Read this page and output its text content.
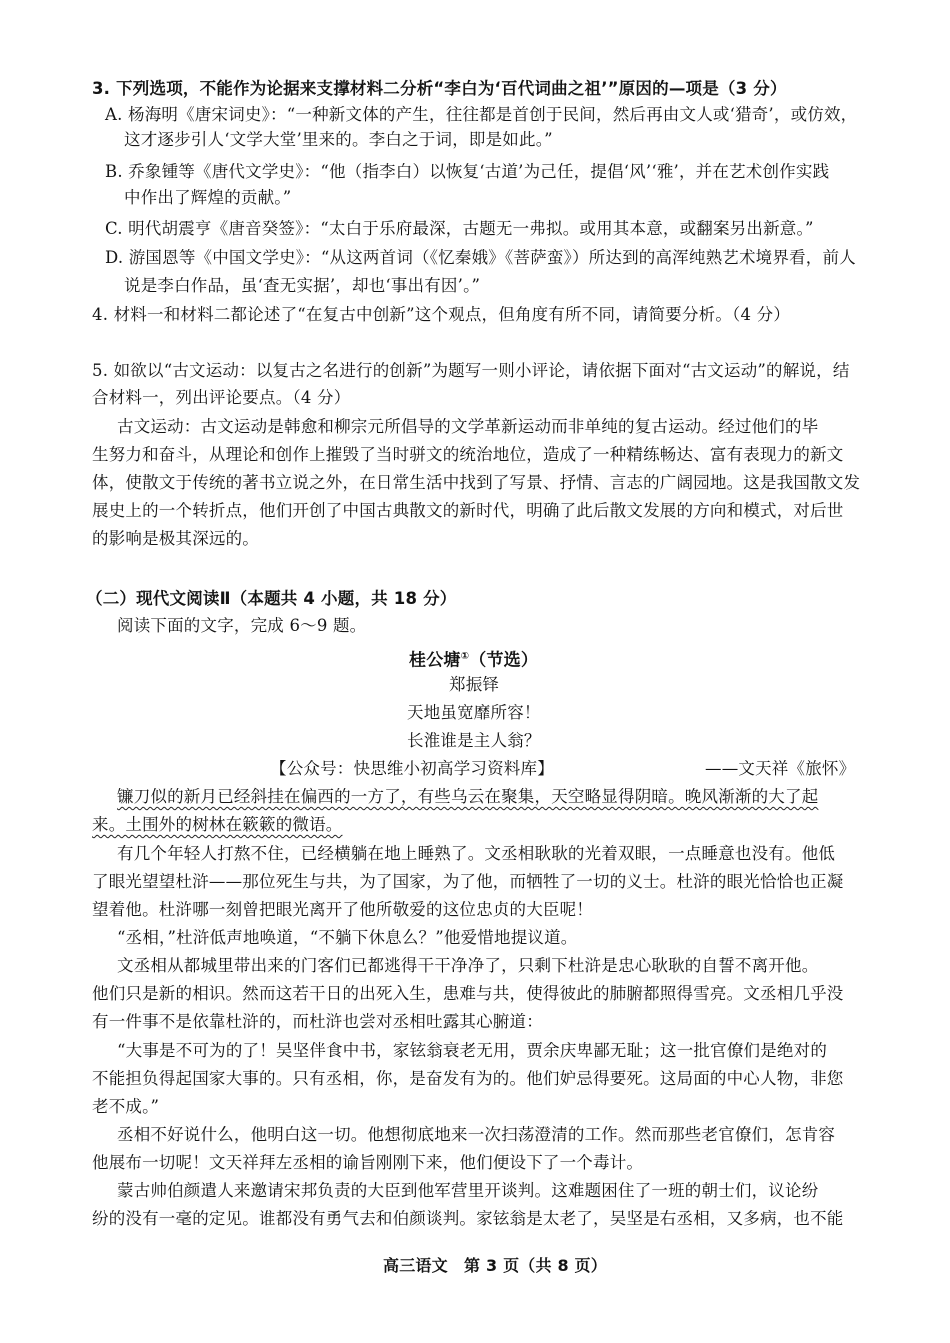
3. 下列选项，不能作为论据来支撑材料二分析“李白为‘百代词曲之祖’”原因的—项是（3 分）

A. 杨海明《唐宋词史》：“一种新文体的产生，往往都是首创于民间，然后再由文人或‘猎奇’，或仿效，

这才逐步引人‘文学大堂’里来的。李白之于词，即是如此。”

B. 乔象锺等《唐代文学史》：“他（指李白）以恢复‘古道’为己任，提倡‘风’‘雅’，并在艺术创作实践

中作出了辉煌的贡献。”

C. 明代胡震亨《唐音癸签》：“太白于乐府最深，古题无一弗拟。或用其本意，或翻案另出新意。”

D. 游国恩等《中国文学史》：“从这两首词（《忆秦娥》《菩萨蛮》）所达到的高浑纯熟艺术境界看，前人

说是李白作品，虽‘査无实据’，却也‘事出有因’。”

4. 材料一和材料二都论述了“在复古中创新”这个观点，但角度有所不同，请简要分析。（4 分）

5. 如欲以“古文运动：以复古之名进行的创新”为题写一则小评论，请依据下面对“古文运动”的解说，结

合材料一，列出评论要点。（4 分）

古文运动：古文运动是韩愈和柳宗元所倡导的文学革新运动而非单纯的复古运动。经过他们的毕

生努力和奋斗，从理论和创作上摧毁了当时骈文的统治地位，造成了一种精练畅达、富有表现力的新文

体，使散文于传统的著书立说之外，在日常生活中找到了写景、抒情、言志的广阔园地。这是我国散文发

展史上的一个转折点，他们开创了中国古典散文的新时代，明确了此后散文发展的方向和模式，对后世

的影响是极其深远的。

（二）现代文阅读Ⅱ（本题共 4 小题，共 18 分）

阅读下面的文字，完成 6～9 题。

桂公塘①（节选）

郑振铎

天地虽宽靡所容！

长淮谁是主人翁？

【公众号：快思维小初高学习资料库】	——文天祥《旅怀》

镰刀似的新月已经斜挂在偏西的一方了，有些乌云在聚集，天空略显得阴暗。晚风渐渐的大了起

来。土围外的树林在簌簌的微语。

有几个年轻人打熬不住，已经横躺在地上睡熟了。文丞相耿耿的光着双眼，一点睡意也没有。他低

了眼光望望杜浒——那位死生与共，为了国家，为了他，而牺牲了一切的义士。杜浒的眼光恰恰也正凝

望着他。杜浒哪一刻曾把眼光离开了他所敬爱的这位忠贞的大臣呢！

“丞相，”杜浒低声地唤道，“不躺下休息么？”他爱惜地提议道。

文丞相从都城里带出来的门客们已都逃得干干净净了，只剩下杜浒是忠心耿耿的自誓不离开他。

他们只是新的相识。然而这若干日的出死入生，患难与共，使得彼此的肺腑都照得雪亮。文丞相几乎没

有一件事不是依靠杜浒的，而杜浒也尝对丞相吐露其心腑道：

“大事是不可为的了！吴坚伴食中书，家铉翁衰老无用，贾余庆卑鄙无耻；这一批官僚们是绝对的

不能担负得起国家大事的。只有丞相，你，是奋发有为的。他们妒忌得要死。这局面的中心人物，非您

老不成。”

丞相不好说什么，他明白这一切。他想彻底地来一次扫荡澄清的工作。然而那些老官僚们，怎肯容

他展布一切呢！文天祥拜左丞相的谕旨刚刚下来，他们便设下了一个毒计。

蒙古帅伯颜遣人来邀请宋邦负责的大臣到他军营里开谈判。这难题困住了一班的朝士们，议论纷

纷的没有一毫的定见。谁都没有勇气去和伯颜谈判。家铉翁是太老了，吴坚是右丞相，又多病，也不能

高三语文　第 3 页（共 8 页）
